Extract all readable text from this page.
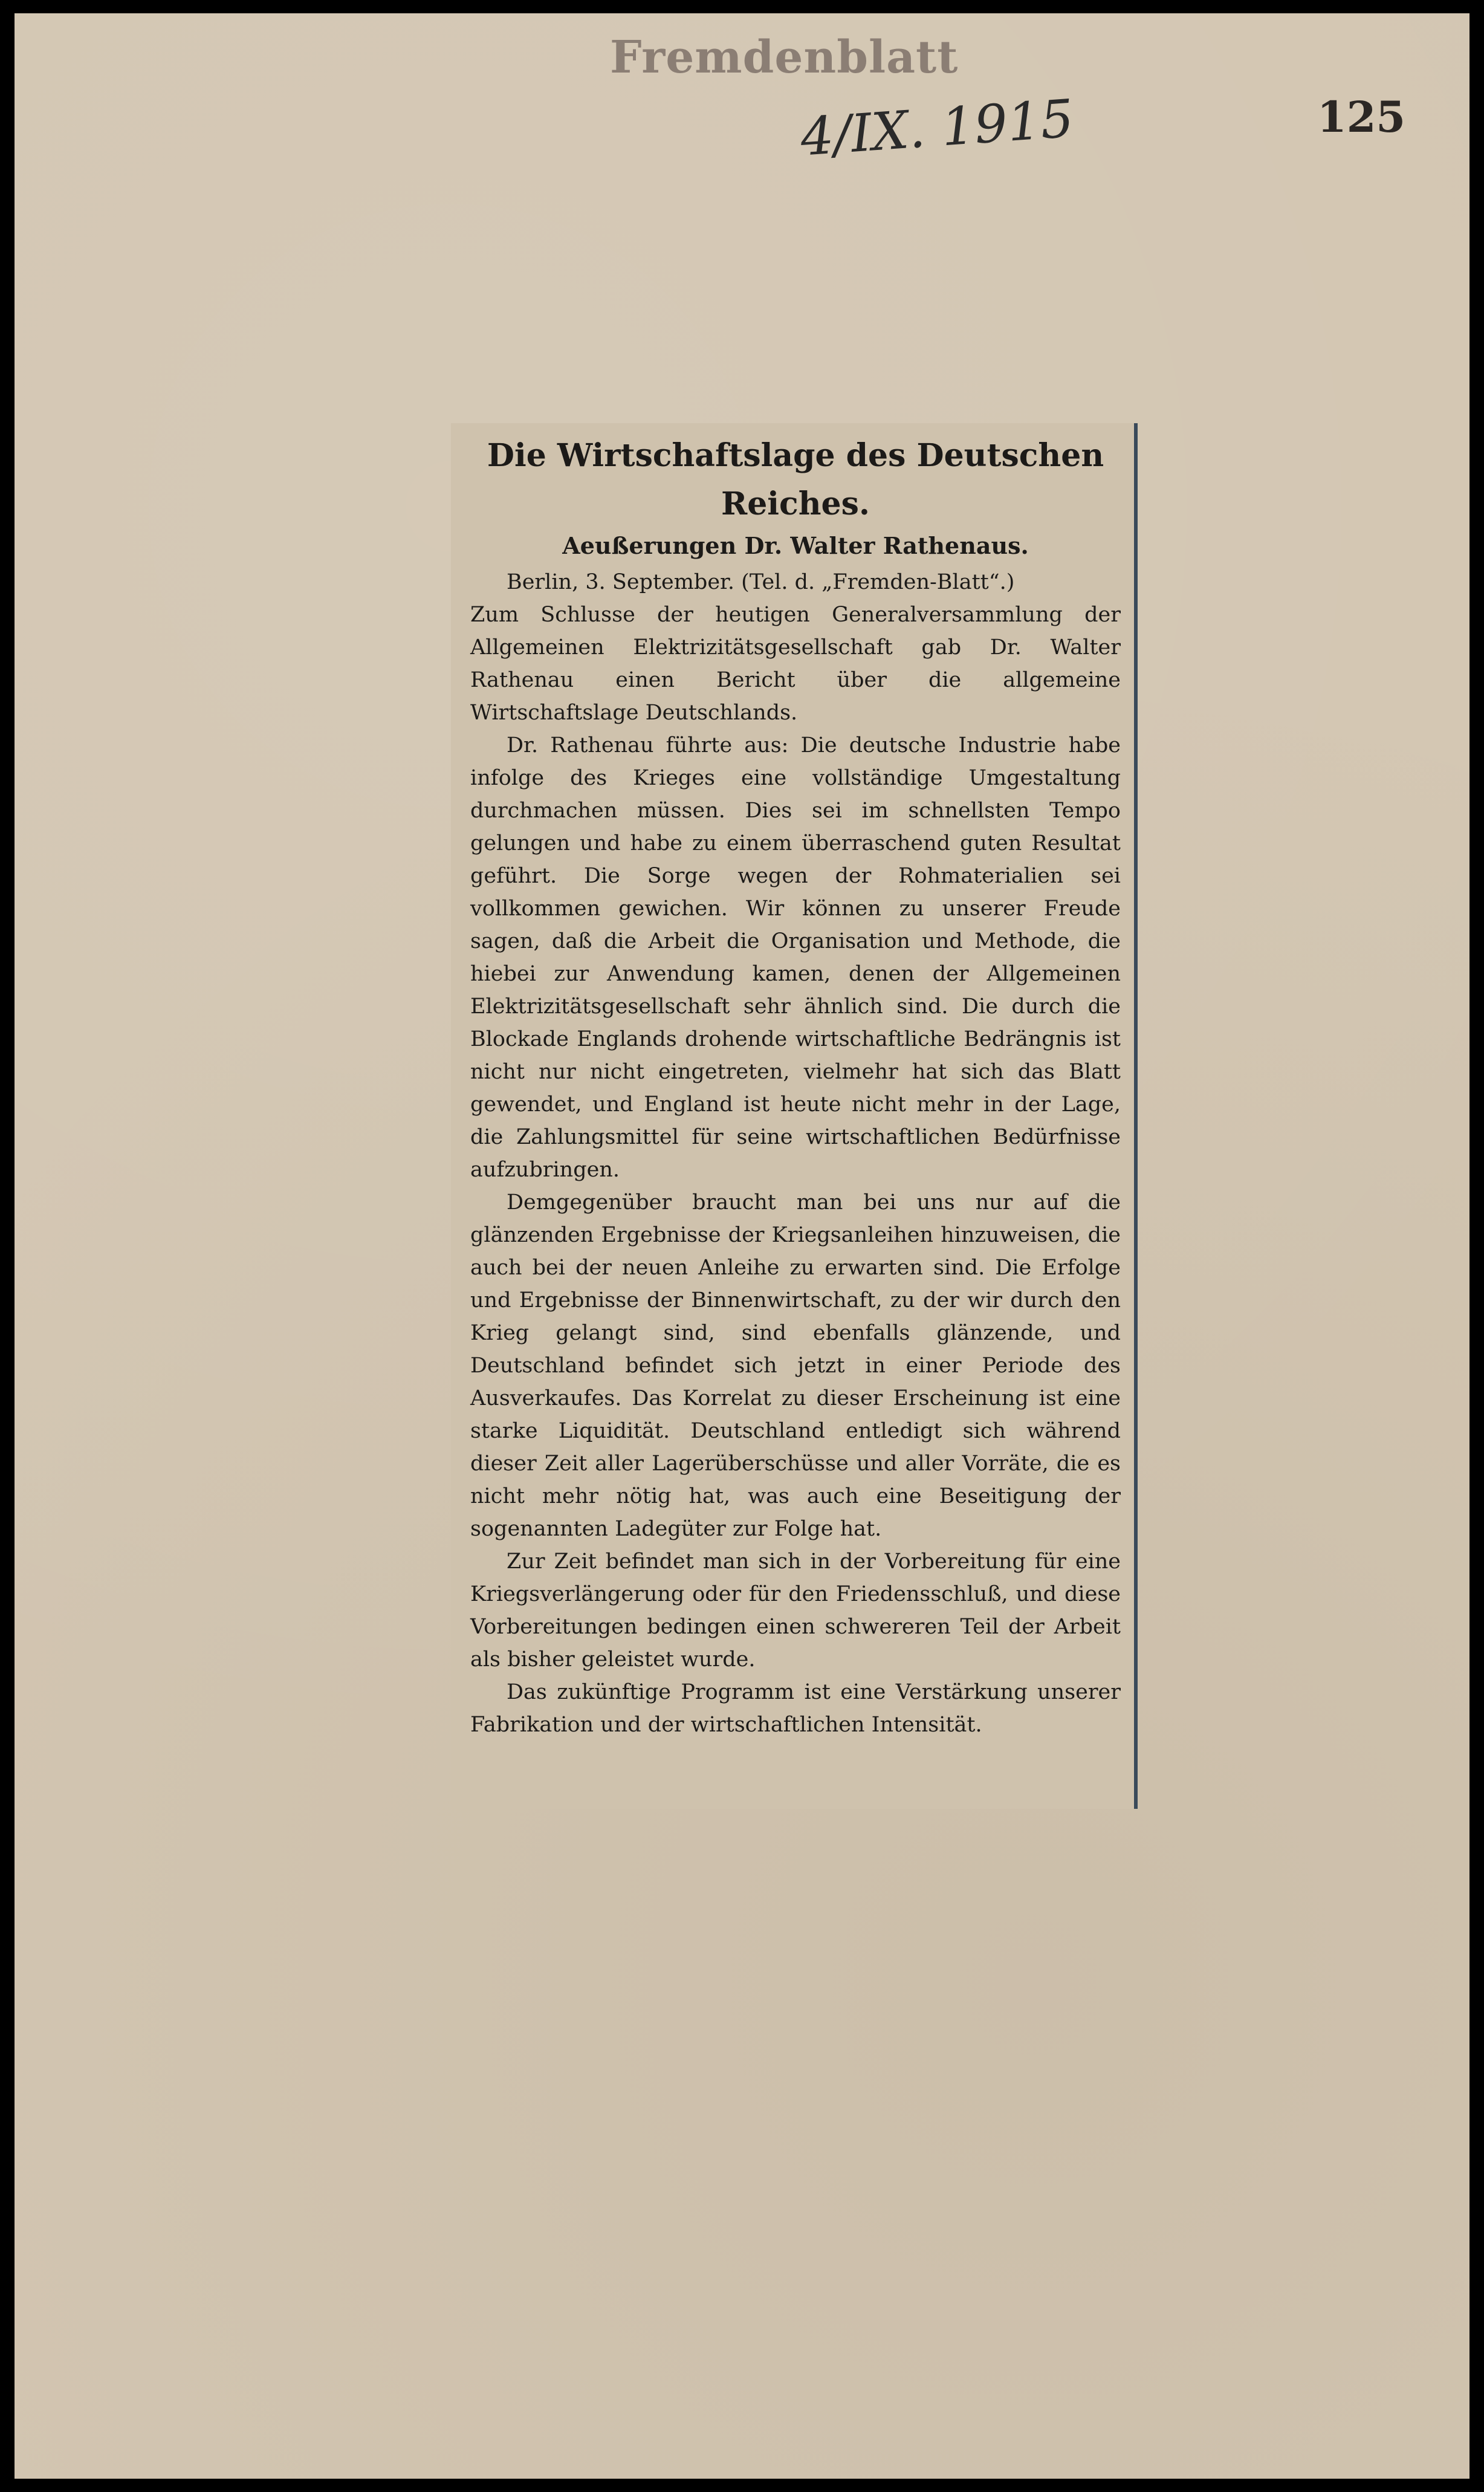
Fremdenblatt
4/IX. 1915	125
Die Wirtschaftslage des Deutschen Reiches.
Aeußerungen Dr. Walter Rathenaus.

Berlin, 3. September. (Tel. d. „Fremden-Blatt“.)

Zum Schlusse der heutigen Generalversammlung der Allgemeinen Elektrizitätsgesellschaft gab Dr. Walter Rathenau einen Bericht über die allgemeine Wirtschaftslage Deutschlands.

Dr. Rathenau führte aus: Die deutsche Industrie habe infolge des Krieges eine vollständige Umgestaltung durchmachen müssen. Dies sei im schnellsten Tempo gelungen und habe zu einem überraschend guten Resultat geführt. Die Sorge wegen der Rohmaterialien sei vollkommen gewichen. Wir können zu unserer Freude sagen, daß die Arbeit die Organisation und Methode, die hiebei zur Anwendung kamen, denen der Allgemeinen Elektrizitätsgesellschaft sehr ähnlich sind. Die durch die Blockade Englands drohende wirtschaftliche Bedrängnis ist nicht nur nicht eingetreten, vielmehr hat sich das Blatt gewendet, und England ist heute nicht mehr in der Lage, die Zahlungsmittel für seine wirtschaftlichen Bedürfnisse aufzubringen.

Demgegenüber braucht man bei uns nur auf die glänzenden Ergebnisse der Kriegsanleihen hinzuweisen, die auch bei der neuen Anleihe zu erwarten sind. Die Erfolge und Ergebnisse der Binnenwirtschaft, zu der wir durch den Krieg gelangt sind, sind ebenfalls glänzende, und Deutschland befindet sich jetzt in einer Periode des Ausverkaufes. Das Korrelat zu dieser Erscheinung ist eine starke Liquidität. Deutschland entledigt sich während dieser Zeit aller Lagerüberschüsse und aller Vorräte, die es nicht mehr nötig hat, was auch eine Beseitigung der sogenannten Ladegüter zur Folge hat.

Zur Zeit befindet man sich in der Vorbereitung für eine Kriegsverlängerung oder für den Friedensschluß, und diese Vorbereitungen bedingen einen schwereren Teil der Arbeit als bisher geleistet wurde.

Das zukünftige Programm ist eine Verstärkung unserer Fabrikation und der wirtschaftlichen Intensität.
